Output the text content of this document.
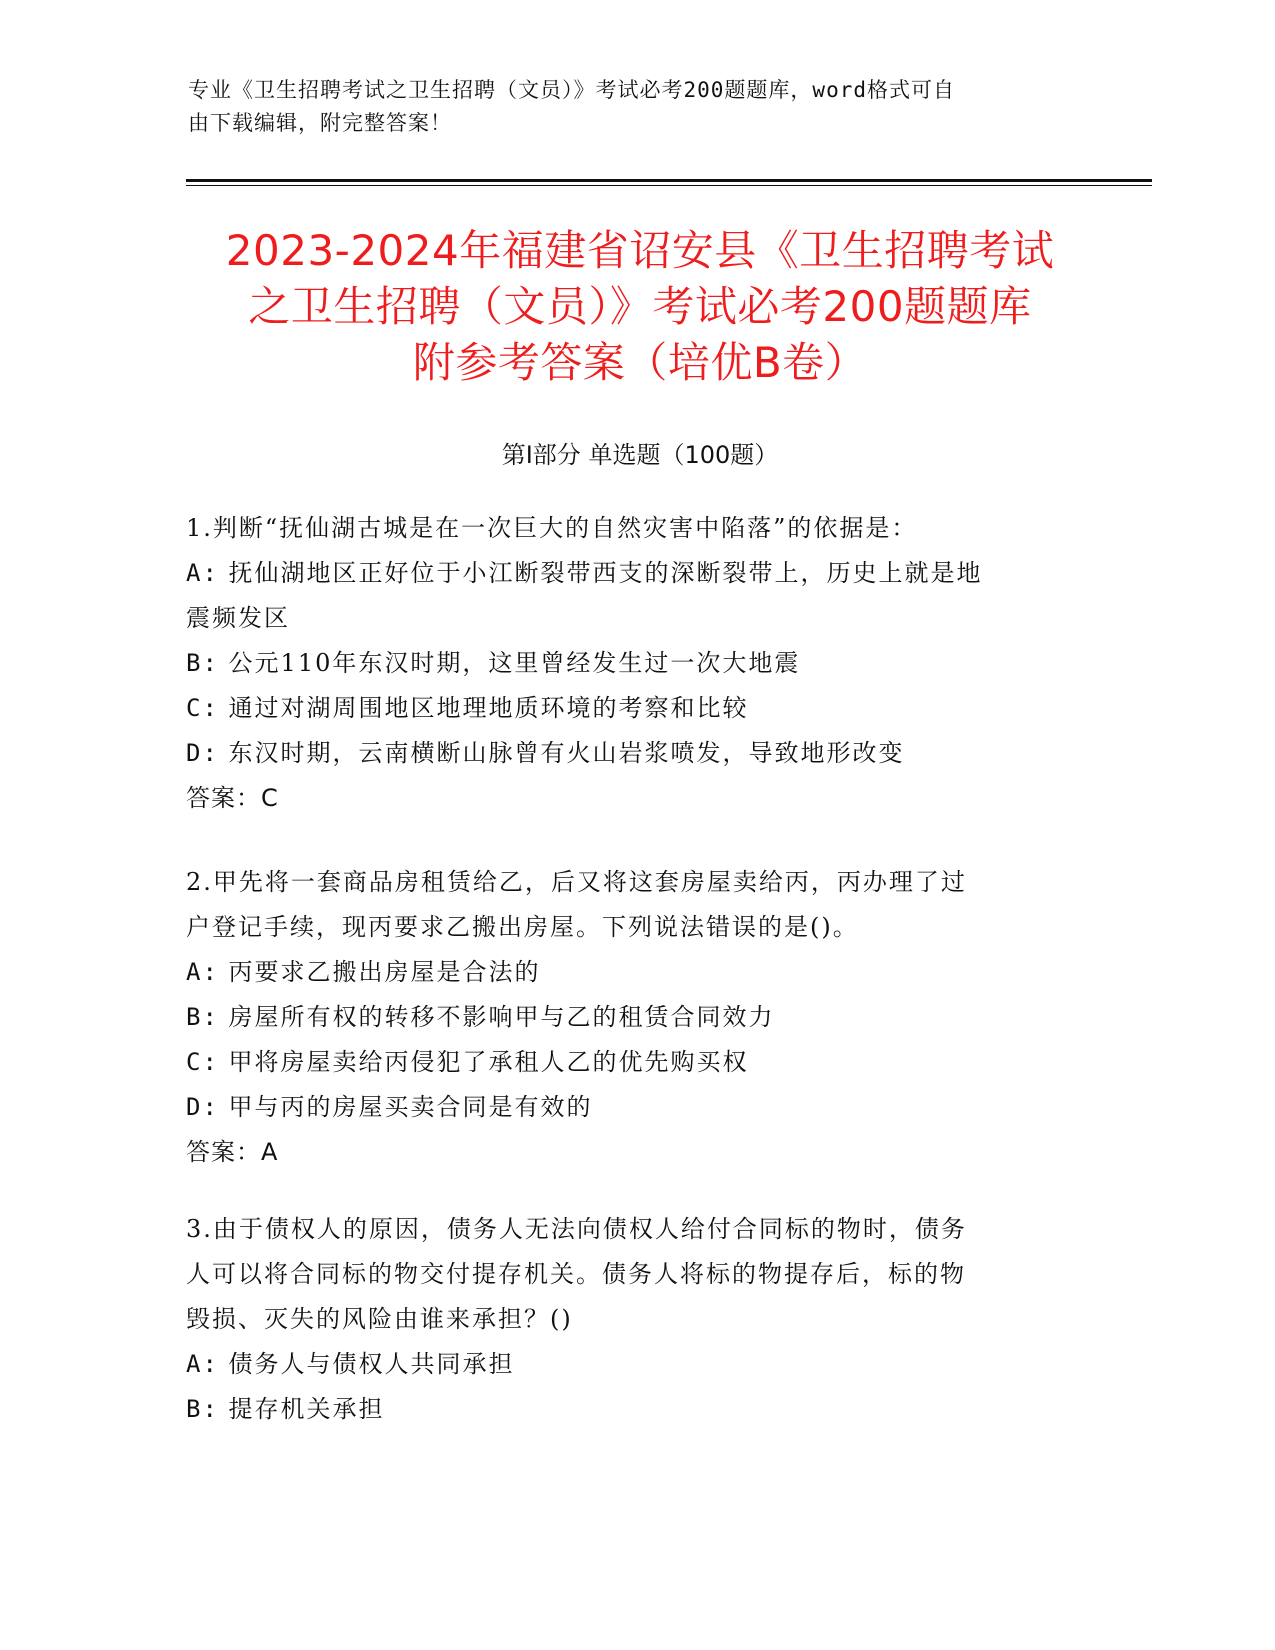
专业《卫生招聘考试之卫生招聘（文员）》考试必考200题题库，word格式可自
由下载编辑，附完整答案！
2023-2024年福建省诏安县《卫生招聘考试
之卫生招聘（文员）》考试必考200题题库
附参考答案（培优B卷）
第Ⅰ部分 单选题（100题）

1.判断“抚仙湖古城是在一次巨大的自然灾害中陷落”的依据是：

A: 抚仙湖地区正好位于小江断裂带西支的深断裂带上，历史上就是地

震频发区

B: 公元110年东汉时期，这里曾经发生过一次大地震

C: 通过对湖周围地区地理地质环境的考察和比较

D: 东汉时期，云南横断山脉曾有火山岩浆喷发，导致地形改变

答案：C

2.甲先将一套商品房租赁给乙，后又将这套房屋卖给丙，丙办理了过

户登记手续，现丙要求乙搬出房屋。下列说法错误的是()。

A: 丙要求乙搬出房屋是合法的

B: 房屋所有权的转移不影响甲与乙的租赁合同效力

C: 甲将房屋卖给丙侵犯了承租人乙的优先购买权

D: 甲与丙的房屋买卖合同是有效的

答案：A

3.由于债权人的原因，债务人无法向债权人给付合同标的物时，债务

人可以将合同标的物交付提存机关。债务人将标的物提存后，标的物

毁损、灭失的风险由谁来承担？()

A: 债务人与债权人共同承担

B: 提存机关承担
